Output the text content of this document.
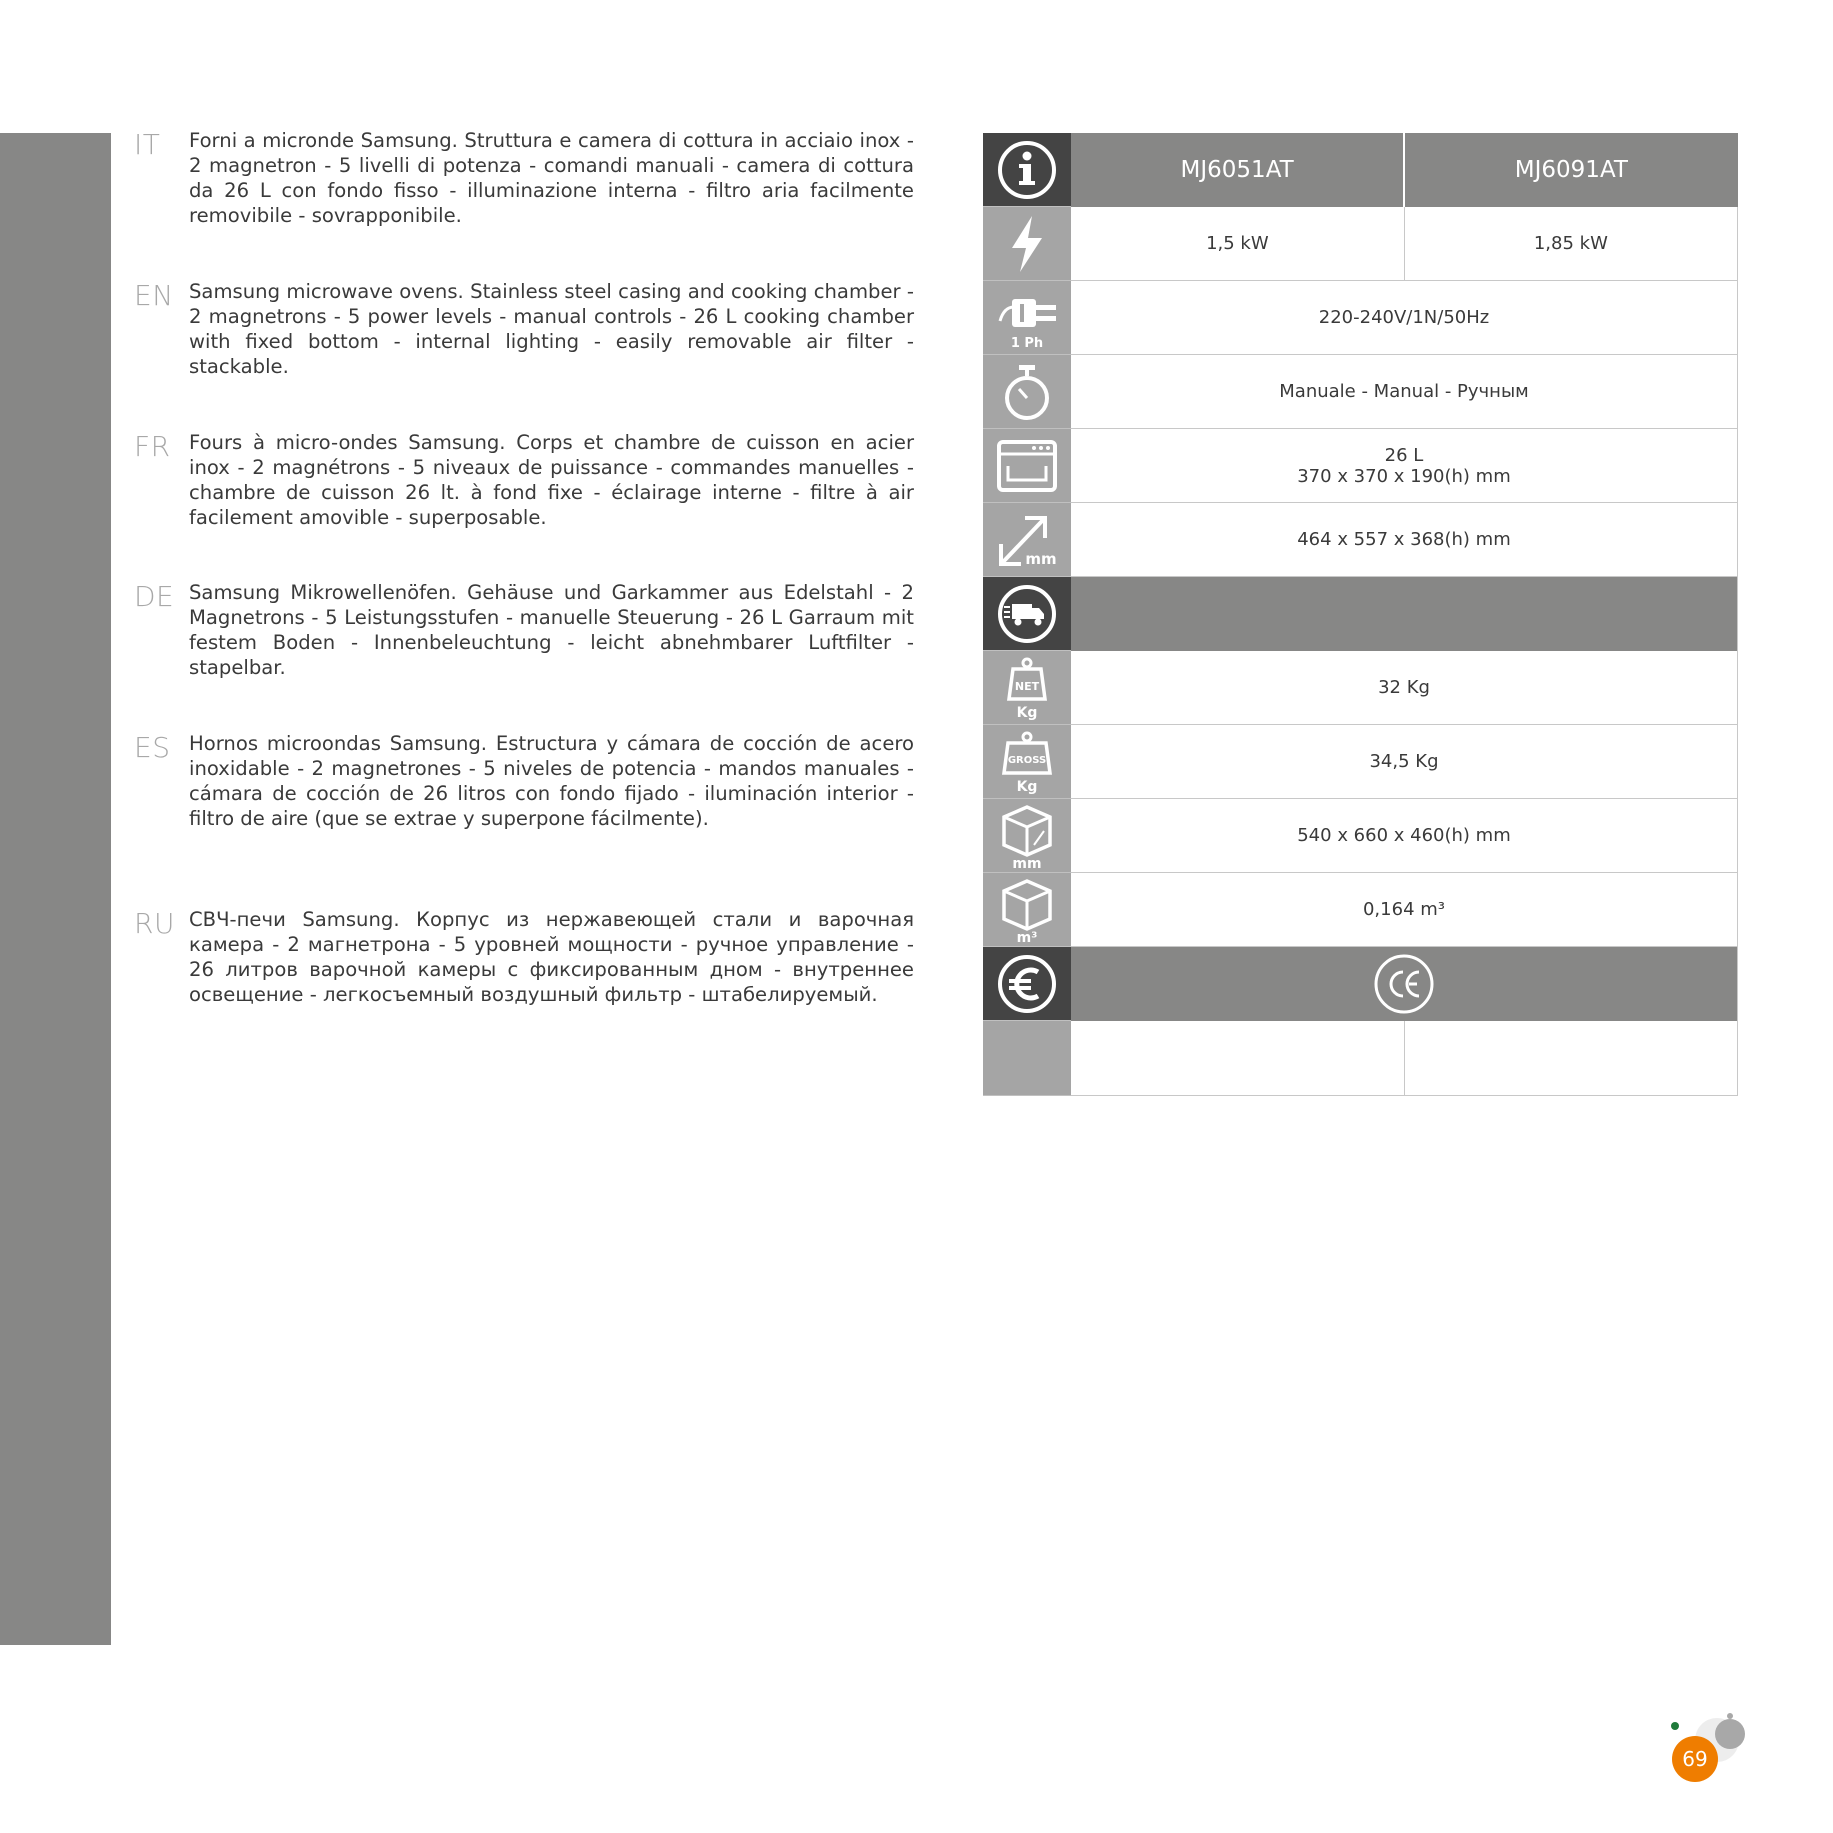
IT Forni a micronde Samsung. Struttura e camera di cottura in acciaio inox - 2 magnetron - 5 livelli di potenza - comandi manuali - camera di cottura da 26 L con fondo fisso - illuminazione interna - filtro aria facilmente removibile - sovrapponibile.
EN Samsung microwave ovens. Stainless steel casing and cooking chamber - 2 magnetrons - 5 power levels - manual controls - 26 L cooking chamber with fixed bottom - internal lighting - easily removable air filter - stackable.
FR Fours à micro-ondes Samsung. Corps et chambre de cuisson en acier inox - 2 magnétrons - 5 niveaux de puissance - commandes manuelles - chambre de cuisson 26 lt. à fond fixe - éclairage interne - filtre à air facilement amovible - superposable.
DE Samsung Mikrowellenöfen. Gehäuse und Garkammer aus Edelstahl - 2 Magnetrons - 5 Leistungsstufen - manuelle Steuerung - 26 L Garraum mit festem Boden - Innenbeleuchtung - leicht abnehmbarer Luftfilter - stapelbar.
ES Hornos microondas Samsung. Estructura y cámara de cocción de acero inoxidable - 2 magnetrones - 5 niveles de potencia - mandos manuales - cámara de cocción de 26 litros con fondo fijado - iluminación interior - filtro de aire (que se extrae y superpone fácilmente).
RU СВЧ-печи Samsung. Корпус из нержавеющей стали и варочная камера - 2 магнетрона - 5 уровней мощности - ручное управление - 26 литров варочной камеры с фиксированным дном - внутреннее освещение - легкосъемный воздушный фильтр - штабелируемый.
	MJ6051AT	MJ6091AT

	1,5 kW	1,85 kW

1 Ph	220-240V/1N/50Hz	

	Manuale - Manual - Ручным	

26 L
370 x 370 x 190(h) mm	

mm	464 x 557 x 368(h) mm	

NET
Kg	32 Kg	

GROSS
Kg	34,5 Kg	

mm	540 x 660 x 460(h) mm	

m³	0,164 m³	

69
